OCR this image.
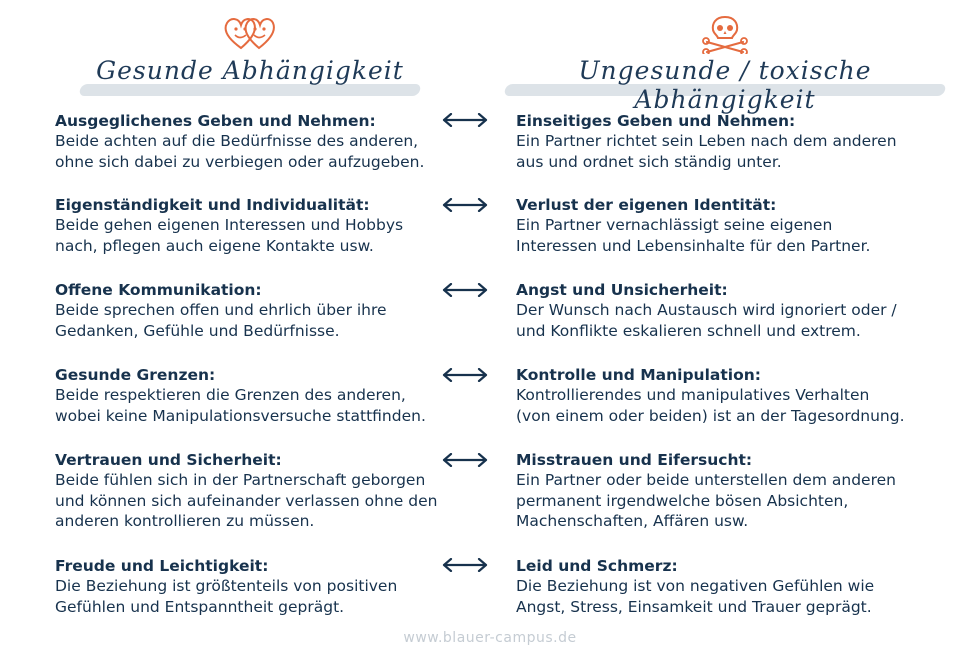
Gesunde Abhängigkeit	Ungesunde / toxische Abhängigkeit
Ausgeglichenes Geben und Nehmen:

Beide achten auf die Bedürfnisse des anderen,
ohne sich dabei zu verbiegen oder aufzugeben.

Eigenständigkeit und Individualität:

Beide gehen eigenen Interessen und Hobbys
nach, pflegen auch eigene Kontakte usw.

Offene Kommunikation:

Beide sprechen offen und ehrlich über ihre
Gedanken, Gefühle und Bedürfnisse.

Gesunde Grenzen:

Beide respektieren die Grenzen des anderen,
wobei keine Manipulationsversuche stattfinden.

Vertrauen und Sicherheit:

Beide fühlen sich in der Partnerschaft geborgen
und können sich aufeinander verlassen ohne den
anderen kontrollieren zu müssen.

Freude und Leichtigkeit:

Die Beziehung ist größtenteils von positiven
Gefühlen und Entspanntheit geprägt.

Einseitiges Geben und Nehmen:

Ein Partner richtet sein Leben nach dem anderen
aus und ordnet sich ständig unter.

Verlust der eigenen Identität:

Ein Partner vernachlässigt seine eigenen
Interessen und Lebensinhalte für den Partner.

Angst und Unsicherheit:

Der Wunsch nach Austausch wird ignoriert oder /
und Konflikte eskalieren schnell und extrem.

Kontrolle und Manipulation:

Kontrollierendes und manipulatives Verhalten
(von einem oder beiden) ist an der Tagesordnung.

Misstrauen und Eifersucht:

Ein Partner oder beide unterstellen dem anderen
permanent irgendwelche bösen Absichten,
Machenschaften, Affären usw.

Leid und Schmerz:

Die Beziehung ist von negativen Gefühlen wie
Angst, Stress, Einsamkeit und Trauer geprägt.

www.blauer-campus.de
